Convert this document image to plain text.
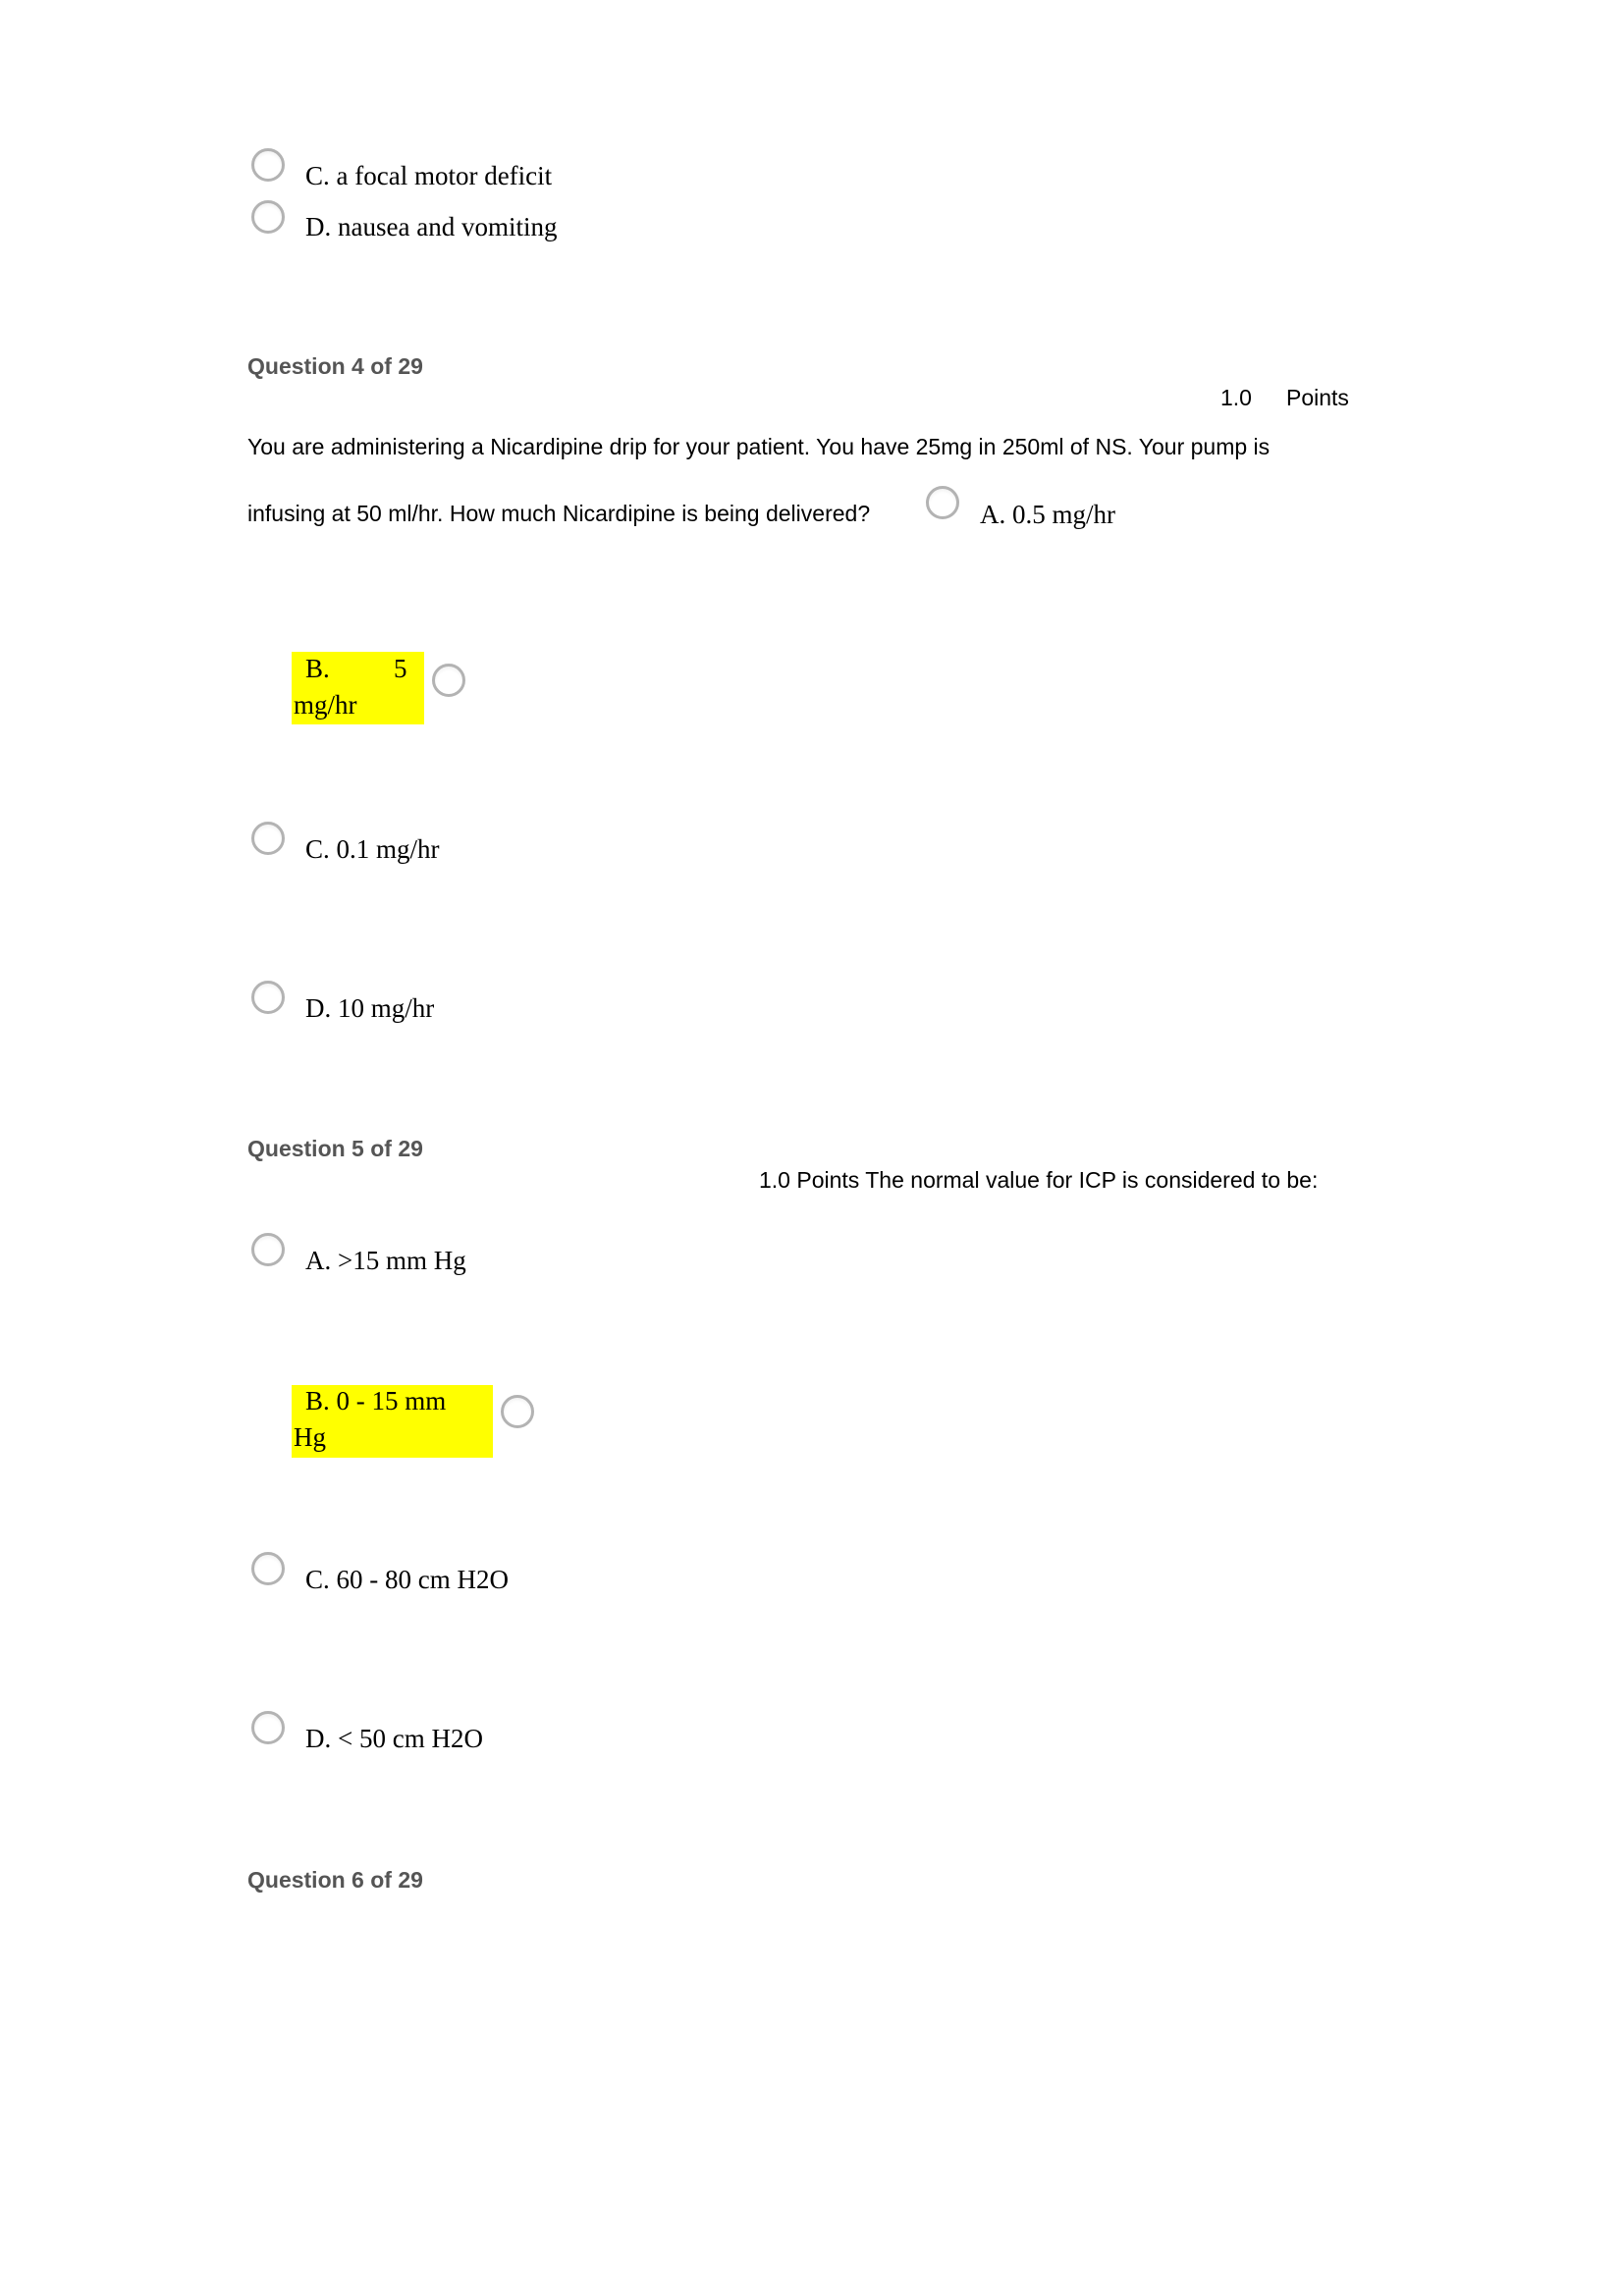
C. a focal motor deficit
D. nausea and vomiting
Question 4 of 29
1.0 Points
You are administering a Nicardipine drip for your patient. You have 25mg in 250ml of NS. Your pump is
infusing at 50 ml/hr. How much Nicardipine is being delivered?	A. 0.5 mg/hr
B. 5
mg/hr
C. 0.1 mg/hr
D. 10 mg/hr
Question 5 of 29
1.0 Points The normal value for ICP is considered to be:
A. >15 mm Hg
B. 0 - 15 mm
Hg
C. 60 - 80 cm H2O
D. < 50 cm H2O
Question 6 of 29
